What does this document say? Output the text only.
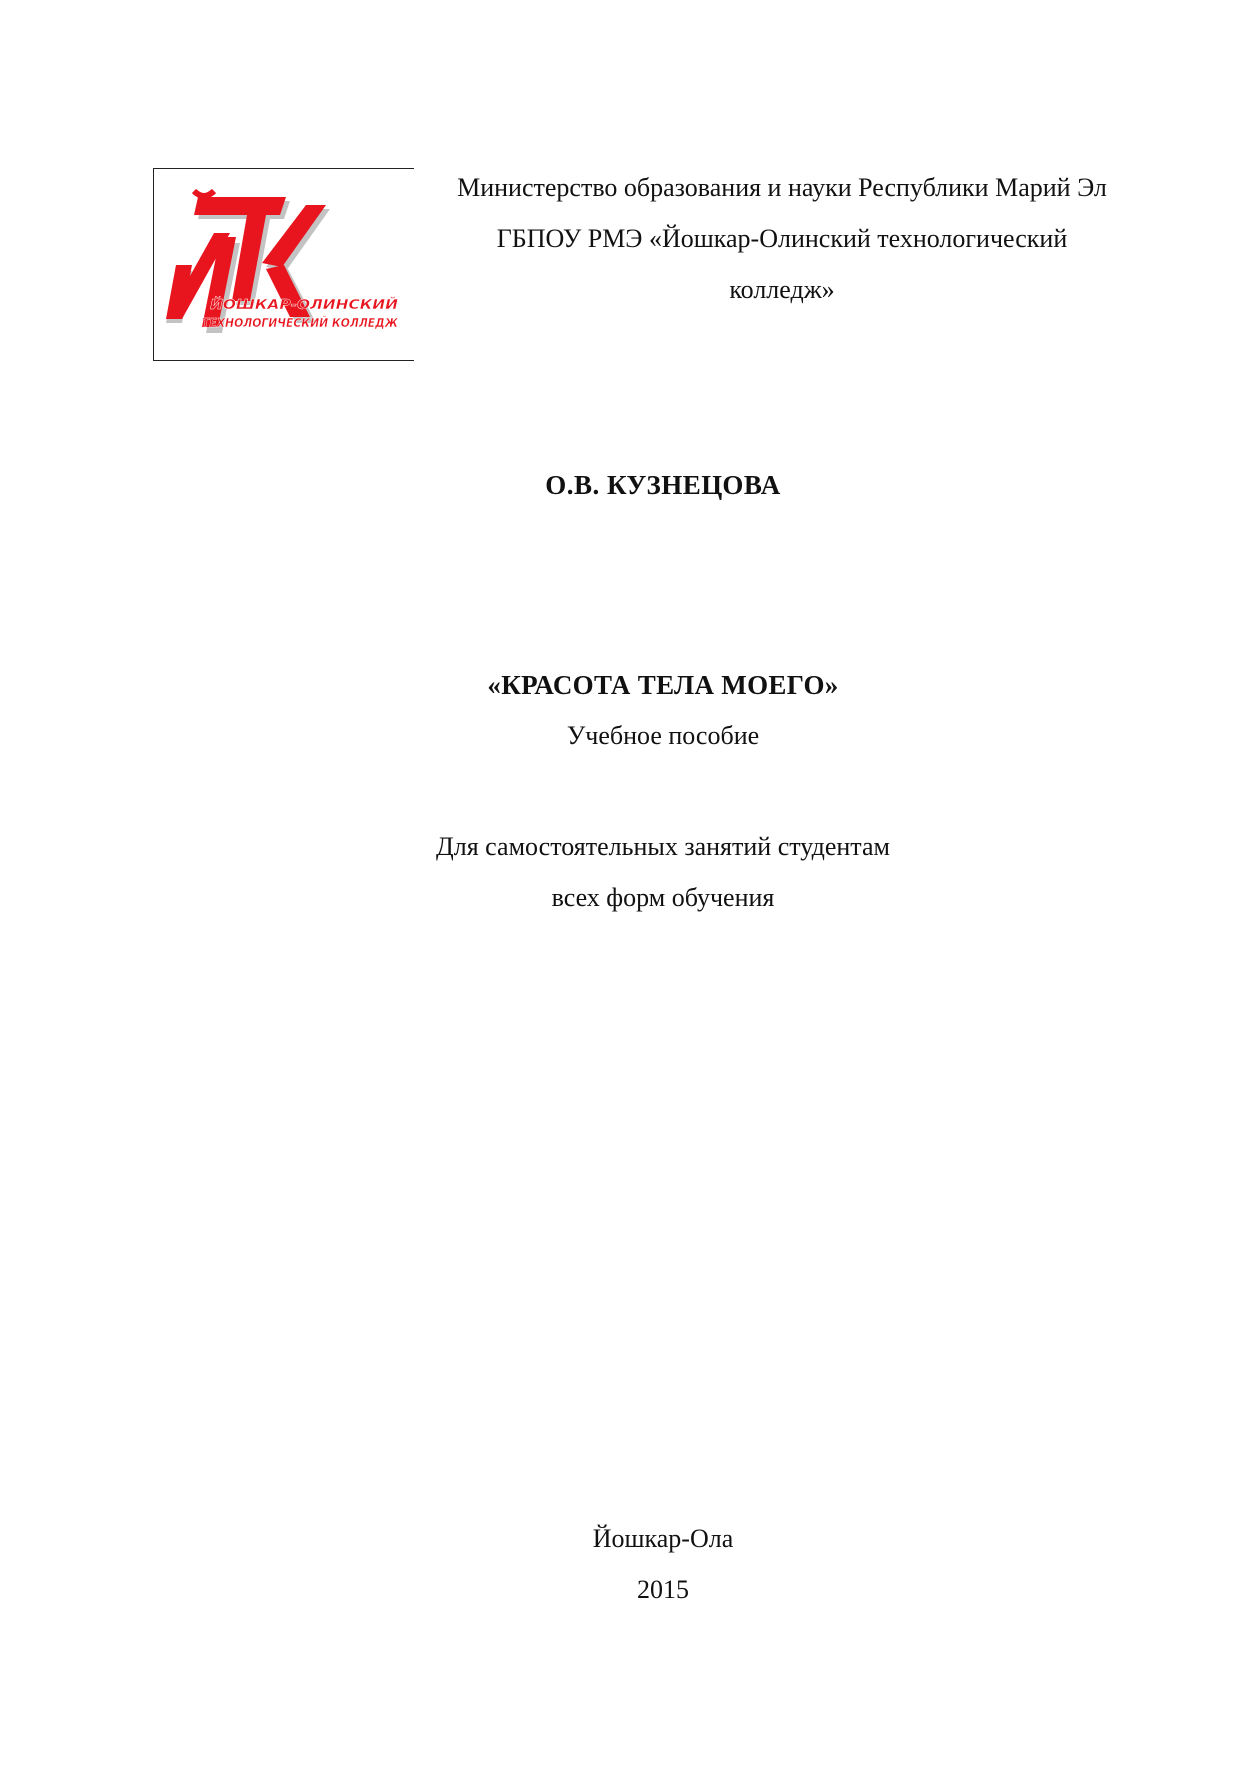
ЙОШКАР-ОЛИНСКИЙ
ТЕХНОЛОГИЧЕСКИЙ КОЛЛЕДЖ
Министерство образования и науки Республики Марий Эл
ГБПОУ РМЭ «Йошкар-Олинский технологический
колледж»
О.В. КУЗНЕЦОВА
«КРАСОТА ТЕЛА МОЕГО»
Учебное пособие
Для самостоятельных занятий студентам
всех форм обучения
Йошкар-Ола
2015
